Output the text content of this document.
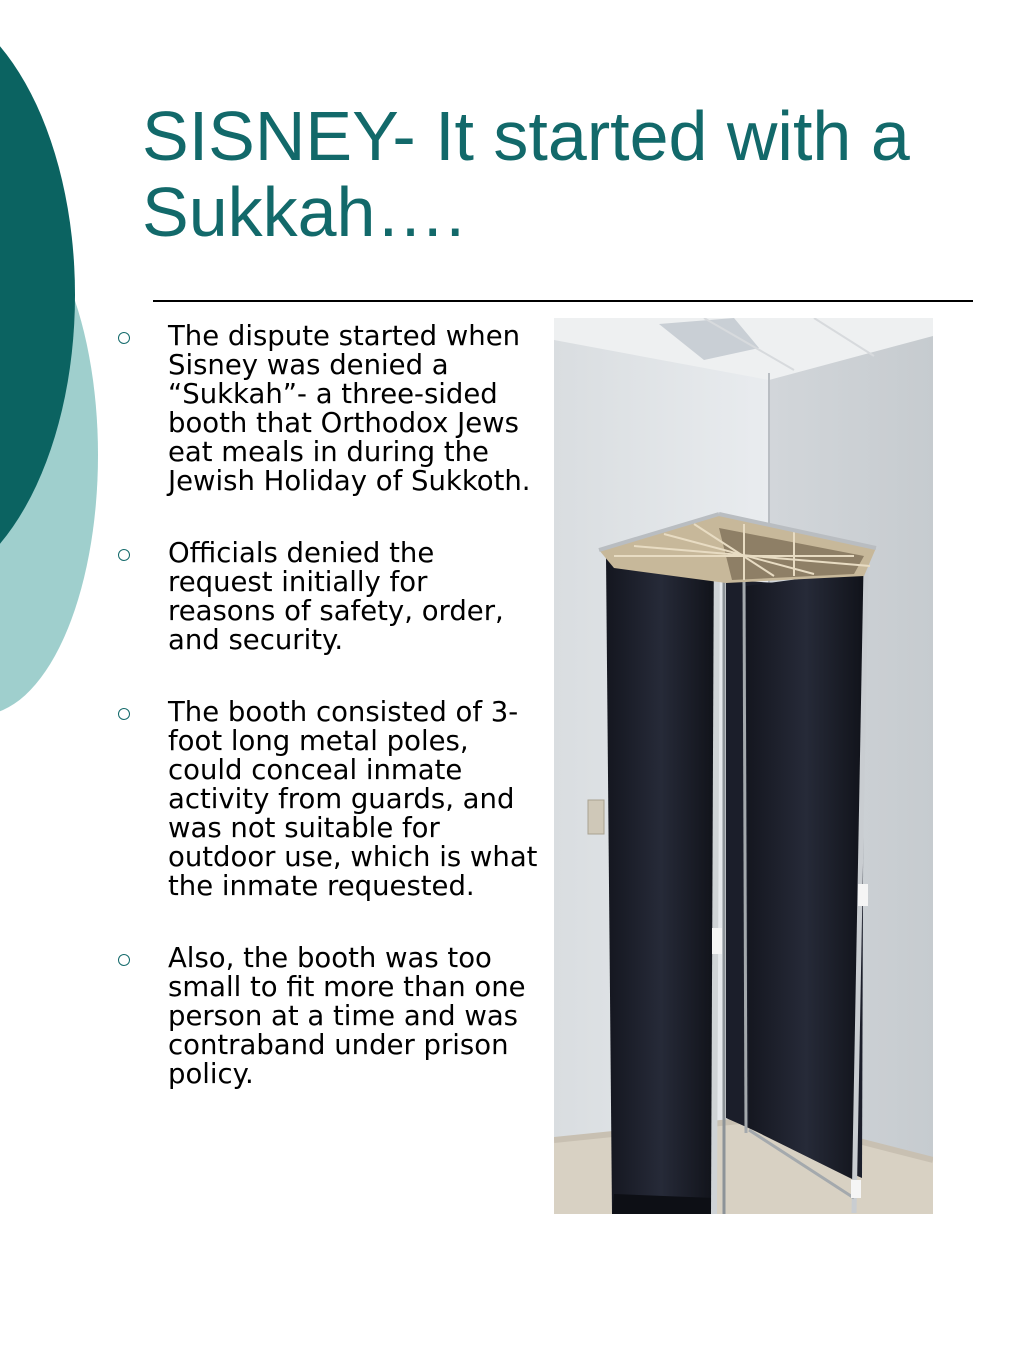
SISNEY- It started with a Sukkah….
The dispute started when Sisney was denied a “Sukkah”- a three-sided booth that Orthodox Jews eat meals in during the Jewish Holiday of Sukkoth.
Officials denied the request initially for reasons of safety, order, and security.
The booth consisted of 3-foot long metal poles, could conceal inmate activity from guards, and was not suitable for outdoor use, which is what the inmate requested.
Also, the booth was too small to fit more than one person at a time and was contraband under prison policy.
